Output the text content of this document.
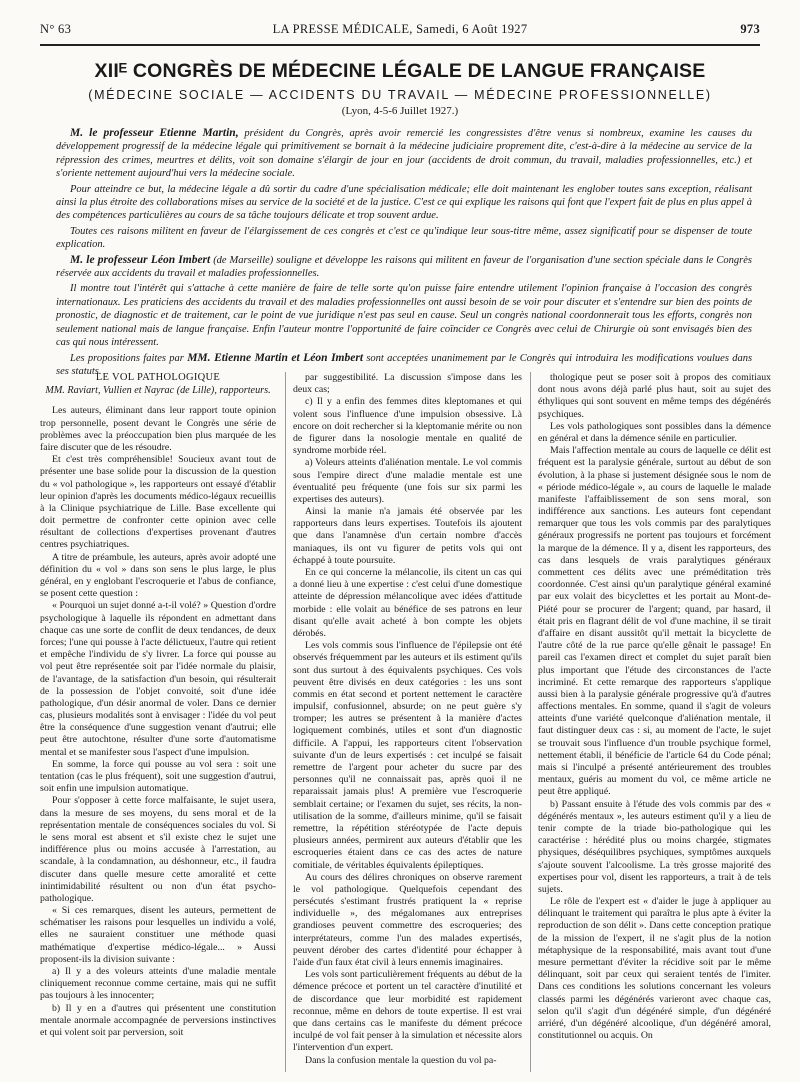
N° 63	LA PRESSE MÉDICALE, Samedi, 6 Août 1927	973
XIIᴱ CONGRÈS DE MÉDECINE LÉGALE DE LANGUE FRANÇAISE
(MÉDECINE SOCIALE — ACCIDENTS DU TRAVAIL — MÉDECINE PROFESSIONNELLE)
(Lyon, 4-5-6 Juillet 1927.)

M. le professeur Etienne Martin, président du Congrès, après avoir remercié les congressistes d'être venus si nombreux, examine les causes du développement progressif de la médecine légale qui primitivement se bornait à la médecine judiciaire proprement dite, c'est-à-dire à la médecine au service de la répression des crimes, meurtres et délits, voit son domaine s'élargir de jour en jour (accidents de droit commun, du travail, maladies professionnelles, etc.) et s'oriente nettement aujourd'hui vers la médecine sociale.

Pour atteindre ce but, la médecine légale a dû sortir du cadre d'une spécialisation médicale; elle doit maintenant les englober toutes sans exception, réalisant ainsi la plus étroite des collaborations mises au service de la société et de la justice. C'est ce qui explique les raisons qui font que l'expert fait de plus en plus appel à des compétences particulières au cours de sa tâche toujours délicate et trop souvent ardue.

Toutes ces raisons militent en faveur de l'élargissement de ces congrès et c'est ce qu'indique leur sous-titre même, assez significatif pour se dispenser de toute explication.

M. le professeur Léon Imbert (de Marseille) souligne et développe les raisons qui militent en faveur de l'organisation d'une section spéciale dans le Congrès réservée aux accidents du travail et maladies professionnelles.

Il montre tout l'intérêt qui s'attache à cette manière de faire de telle sorte qu'on puisse faire entendre utilement l'opinion française à l'occasion des congrès internationaux. Les praticiens des accidents du travail et des maladies professionnelles ont aussi besoin de se voir pour discuter et s'entendre sur bien des points de pronostic, de diagnostic et de traitement, car le point de vue juridique n'est pas seul en cause. Seul un congrès national coordonnerait tous les efforts, congrès non seulement national mais de langue française. Enfin l'auteur montre l'opportunité de faire coïncider ce Congrès avec celui de Chirurgie où sont envisagés bien des cas qui nous intéressent.

Les propositions faites par MM. Etienne Martin et Léon Imbert sont acceptées unanimement par le Congrès qui introduira les modifications voulues dans ses statuts.

LE VOL PATHOLOGIQUE
MM. Raviart, Vullien et Nayrac (de Lille), rapporteurs.

Les auteurs, éliminant dans leur rapport toute opinion trop personnelle, posent devant le Congrès une série de problèmes avec la préoccupation bien plus marquée de les faire discuter que de les résoudre.

Et c'est très compréhensible! Soucieux avant tout de présenter une base solide pour la discussion de la question du « vol pathologique », les rapporteurs ont essayé d'établir leur opinion d'après les documents médico-légaux recueillis à la Clinique psychiatrique de Lille. Base excellente qui doit permettre de confronter cette opinion avec celle résultant de collections d'expertises provenant d'autres centres psychiatriques.

A titre de préambule, les auteurs, après avoir adopté une définition du « vol » dans son sens le plus large, le plus général, en y englobant l'escroquerie et l'abus de confiance, se posent cette question :

« Pourquoi un sujet donné a-t-il volé? » Question d'ordre psychologique à laquelle ils répondent en admettant dans chaque cas une sorte de conflit de deux tendances, de deux forces; l'une qui pousse à l'acte délictueux, l'autre qui retient et empêche l'individu de s'y livrer. La force qui pousse au vol peut être représentée soit par l'idée normale du plaisir, de l'avantage, de la satisfaction d'un besoin, qui résulterait de la possession de l'objet convoité, soit d'une idée pathologique, d'un désir anormal de voler. Dans ce dernier cas, plusieurs modalités sont à envisager : l'idée du vol peut être la conséquence d'une suggestion venant d'autrui; elle peut être autochtone, résulter d'une sorte d'automatisme mental et se manifester sous l'aspect d'une impulsion.

En somme, la force qui pousse au vol sera : soit une tentation (cas le plus fréquent), soit une suggestion d'autrui, soit enfin une impulsion automatique.

Pour s'opposer à cette force malfaisante, le sujet usera, dans la mesure de ses moyens, du sens moral et de la représentation mentale de conséquences sociales du vol. Si le sens moral est absent et s'il existe chez le sujet une indifférence plus ou moins accusée à l'arrestation, au scandale, à la condamnation, au déshonneur, etc., il faudra discuter dans quelle mesure cette amoralité et cette inintimidabilité résultent ou non d'un état psycho-pathologique.

« Si ces remarques, disent les auteurs, permettent de schématiser les raisons pour lesquelles un individu a volé, elles ne sauraient constituer une méthode quasi mathématique d'expertise médico-légale... » Aussi proposent-ils la division suivante :

a) Il y a des voleurs atteints d'une maladie mentale cliniquement reconnue comme certaine, mais qui ne suffit pas toujours à les innocenter;

b) Il y en a d'autres qui présentent une constitution mentale anormale accompagnée de perversions instinctives et qui volent soit par perversion, soit

par suggestibilité. La discussion s'impose dans les deux cas;

c) Il y a enfin des femmes dites kleptomanes et qui volent sous l'influence d'une impulsion obsessive. Là encore on doit rechercher si la kleptomanie mérite ou non de figurer dans la nosologie mentale en qualité de syndrome morbide réel.

a) Voleurs atteints d'aliénation mentale. Le vol commis sous l'empire direct d'une maladie mentale est une éventualité peu fréquente (une fois sur six parmi les expertises des auteurs).

Ainsi la manie n'a jamais été observée par les rapporteurs dans leurs expertises. Toutefois ils ajoutent que dans l'anamnèse d'un certain nombre d'accès maniaques, ils ont vu figurer de petits vols qui ont échappé à toute poursuite.

En ce qui concerne la mélancolie, ils citent un cas qui a donné lieu à une expertise : c'est celui d'une domestique atteinte de dépression mélancolique avec idées d'attitude morbide : elle volait au bénéfice de ses patrons en leur disant qu'elle avait acheté à bon compte les objets dérobés.

Les vols commis sous l'influence de l'épilepsie ont été observés fréquemment par les auteurs et ils estiment qu'ils sont dus surtout à des équivalents psychiques. Ces vols peuvent être divisés en deux catégories : les uns sont commis en état second et portent nettement le caractère impulsif, confusionnel, absurde; on ne peut guère s'y tromper; les autres se présentent à la manière d'actes logiquement combinés, utiles et sont d'un diagnostic difficile. A l'appui, les rapporteurs citent l'observation suivante d'un de leurs expertisés : cet inculpé se faisait remettre de l'argent pour acheter du sucre par des personnes qu'il ne connaissait pas, après quoi il ne reparaissait jamais plus! A première vue l'escroquerie semblait certaine; or l'examen du sujet, ses récits, la non-utilisation de la somme, d'ailleurs minime, qu'il se faisait remettre, la répétition stéréotypée de l'acte depuis plusieurs années, permirent aux auteurs d'établir que les escroqueries étaient dans ce cas des actes de nature comitiale, de véritables équivalents épileptiques.

Au cours des délires chroniques on observe rarement le vol pathologique. Quelquefois cependant des persécutés s'estimant frustrés pratiquent la « reprise individuelle », des mégalomanes aux entreprises grandioses peuvent commettre des escroqueries; des interprétateurs, comme l'un des malades expertisés, peuvent dérober des cartes d'identité pour échapper à l'aide d'un faux état civil à leurs ennemis imaginaires.

Les vols sont particulièrement fréquents au début de la démence précoce et portent un tel caractère d'inutilité et de discordance que leur morbidité est rapidement reconnue, même en dehors de toute expertise. Il est vrai que dans certains cas le manifeste du dément précoce inculpé de vol fait penser à la simulation et nécessite alors l'intervention d'un expert.

Dans la confusion mentale la question du vol pa-

thologique peut se poser soit à propos des comitiaux dont nous avons déjà parlé plus haut, soit au sujet des éthyliques qui sont souvent en même temps des dégénérés psychiques.

Les vols pathologiques sont possibles dans la démence en général et dans la démence sénile en particulier.

Mais l'affection mentale au cours de laquelle ce délit est fréquent est la paralysie générale, surtout au début de son évolution, à la phase si justement désignée sous le nom de « période médico-légale », au cours de laquelle le malade manifeste l'affaiblissement de son sens moral, son indifférence aux sanctions. Les auteurs font cependant remarquer que tous les vols commis par des paralytiques généraux progressifs ne portent pas toujours et forcément la marque de la démence. Il y a, disent les rapporteurs, des cas dans lesquels de vrais paralytiques généraux commettent ces délits avec une préméditation très coordonnée. C'est ainsi qu'un paralytique général examiné par eux volait des bicyclettes et les portait au Mont-de-Piété pour se procurer de l'argent; quand, par hasard, il était pris en flagrant délit de vol d'une machine, il se tirait d'affaire en disant aussitôt qu'il mettait la bicyclette de l'autre côté de la rue parce qu'elle gênait le passage! En pareil cas l'examen direct et complet du sujet paraît bien plus important que l'étude des circonstances de l'acte incriminé. Et cette remarque des rapporteurs s'applique aussi bien à la paralysie générale progressive qu'à d'autres affections mentales. En somme, quand il s'agit de voleurs atteints d'une variété quelconque d'aliénation mentale, il faut distinguer deux cas : si, au moment de l'acte, le sujet se trouvait sous l'influence d'un trouble psychique formel, nettement établi, il bénéficie de l'article 64 du Code pénal; mais si l'inculpé a présenté antérieurement des troubles mentaux, guéris au moment du vol, ce même article ne peut être appliqué.

b) Passant ensuite à l'étude des vols commis par des « dégénérés mentaux », les auteurs estiment qu'il y a lieu de tenir compte de la triade bio-pathologique qui les caractérise : hérédité plus ou moins chargée, stigmates physiques, déséquilibres psychiques, symptômes auxquels s'ajoute souvent l'alcoolisme. La très grosse majorité des expertises pour vol, disent les rapporteurs, a trait à de tels sujets.

Le rôle de l'expert est « d'aider le juge à appliquer au délinquant le traitement qui paraîtra le plus apte à éviter la reproduction de son délit ». Dans cette conception pratique de la mission de l'expert, il ne s'agit plus de la notion métaphysique de la responsabilité, mais avant tout d'une mesure permettant d'éviter la récidive soit par le même délinquant, soit par ceux qui seraient tentés de l'imiter. Dans ces conditions les solutions concernant les voleurs classés parmi les dégénérés varieront avec chaque cas, selon qu'il s'agit d'un dégénéré simple, d'un dégénéré arriéré, d'un dégénéré alcoolique, d'un dégénéré amoral, constitutionnel ou acquis. On
